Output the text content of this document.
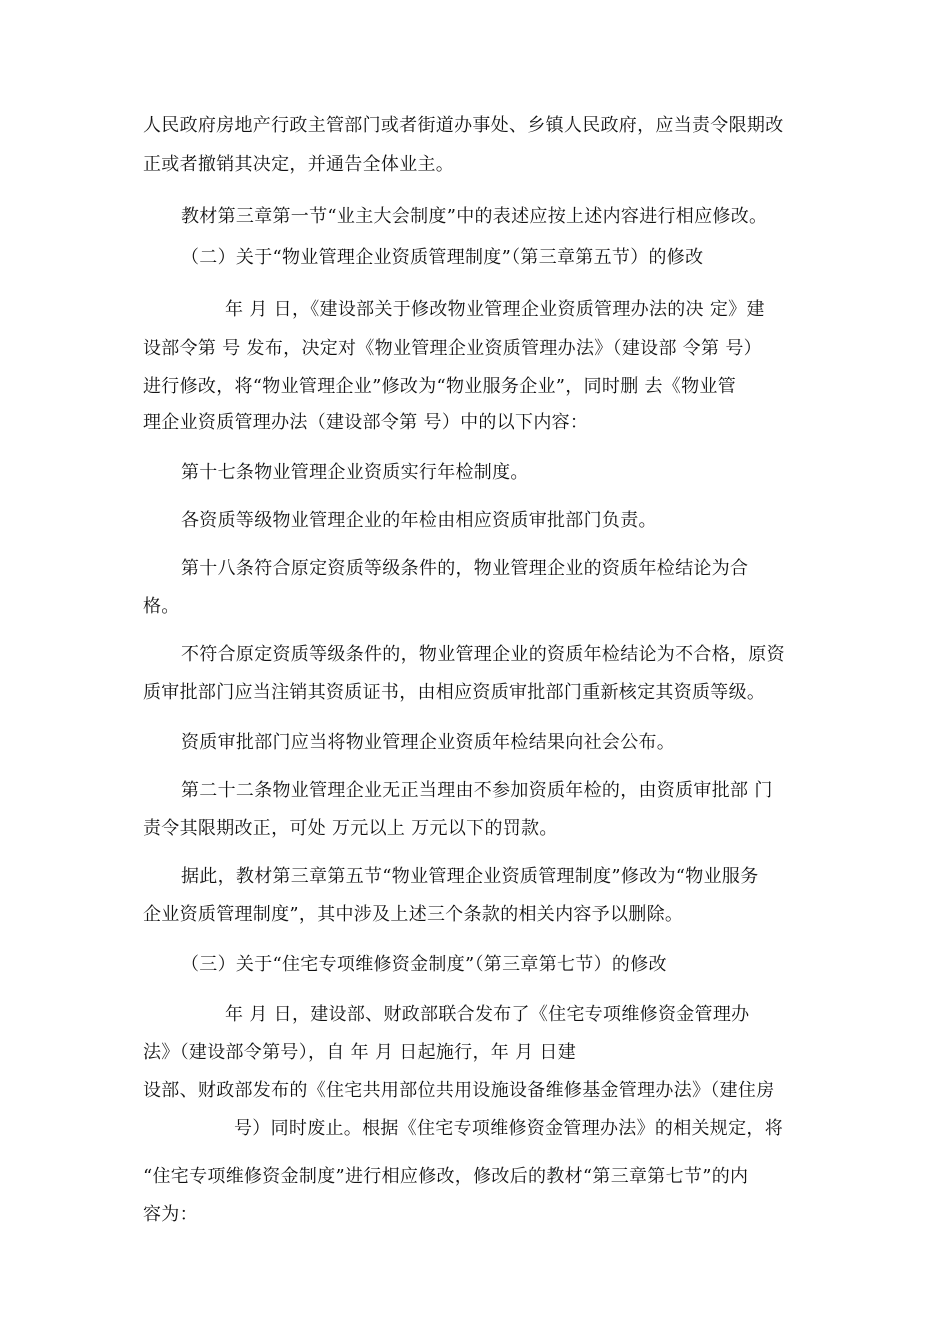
人民政府房地产行政主管部门或者街道办事处、乡镇人民政府，应当责令限期改
正或者撤销其决定，并通告全体业主。
教材第三章第一节“业主大会制度”中的表述应按上述内容进行相应修改。
（二）关于“物业管理企业资质管理制度”（第三章第五节）的修改
年 月 日，《建设部关于修改物业管理企业资质管理办法的决 定》建
设部令第 号 发布，决定对《物业管理企业资质管理办法》（建设部 令第 号）
进行修改，将“物业管理企业”修改为“物业服务企业”，同时删 去《物业管
理企业资质管理办法（建设部令第 号）中的以下内容：
第十七条物业管理企业资质实行年检制度。
各资质等级物业管理企业的年检由相应资质审批部门负责。
第十八条符合原定资质等级条件的，物业管理企业的资质年检结论为合
格。
不符合原定资质等级条件的，物业管理企业的资质年检结论为不合格，原资
质审批部门应当注销其资质证书，由相应资质审批部门重新核定其资质等级。
资质审批部门应当将物业管理企业资质年检结果向社会公布。
第二十二条物业管理企业无正当理由不参加资质年检的，由资质审批部 门
责令其限期改正，可处 万元以上 万元以下的罚款。
据此，教材第三章第五节“物业管理企业资质管理制度”修改为“物业服务
企业资质管理制度”，其中涉及上述三个条款的相关内容予以删除。
（三）关于“住宅专项维修资金制度”（第三章第七节）的修改
年 月 日，建设部、财政部联合发布了《住宅专项维修资金管理办
法》（建设部令第号），自 年 月 日起施行，年 月 日建
设部、财政部发布的《住宅共用部位共用设施设备维修基金管理办法》（建住房
号）同时废止。根据《住宅专项维修资金管理办法》的相关规定，将
“住宅专项维修资金制度”进行相应修改，修改后的教材“第三章第七节”的内
容为：
